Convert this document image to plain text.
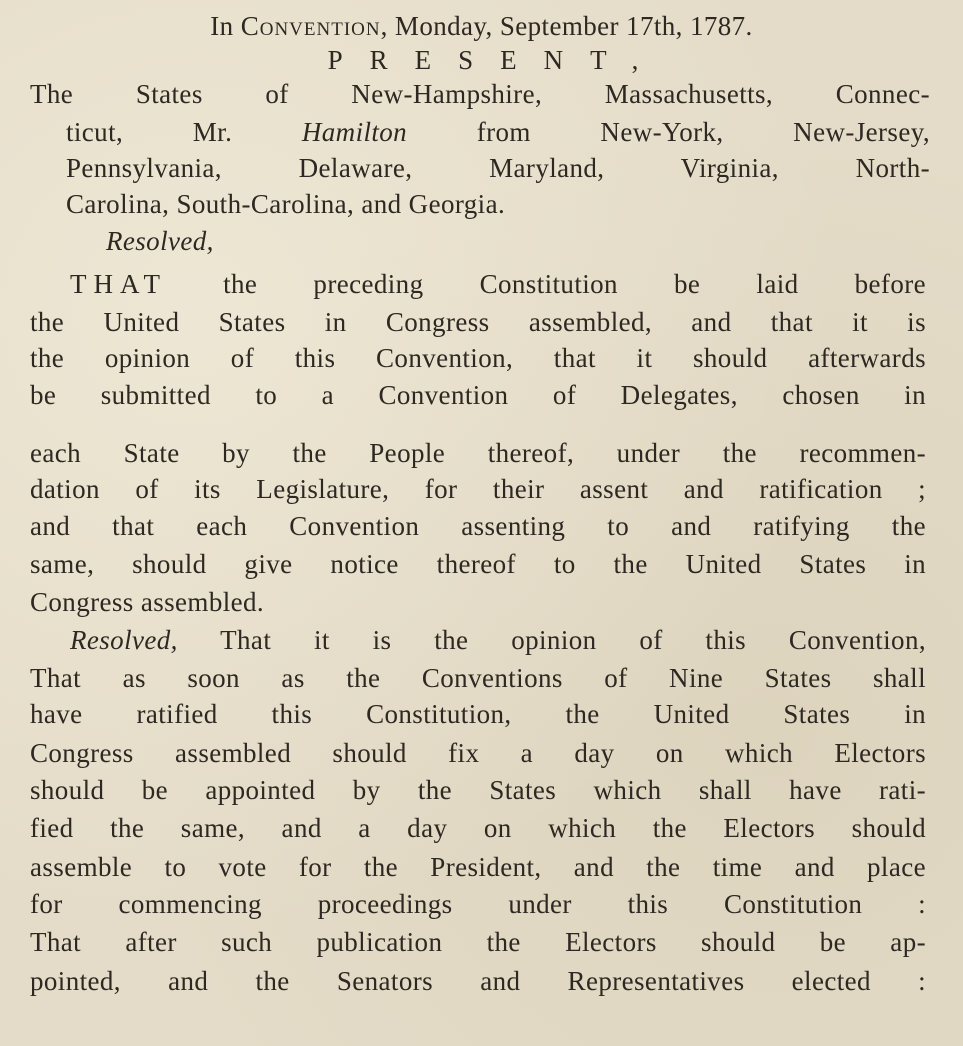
In Convention, Monday, September 17th, 1787.
PRESENT,
The States of New-Hampshire, Massachusetts, Connec-
ticut, Mr.	Hamilton	from New-York, New-Jersey,
Pennsylvania, Delaware, Maryland, Virginia, North-
Carolina, South-Carolina, and Georgia.
Resolved,
THAT the preceding Constitution be laid before
the United States in Congress assembled, and that it is
the opinion of this Convention, that it should afterwards
be submitted to a Convention of Delegates, chosen in
each State by the People thereof, under the recommen-
dation of its Legislature, for their assent and ratification ;
and that each Convention assenting to and ratifying the
same, should give notice thereof to the United States in
Congress assembled.
Resolved, That it is the opinion of this Convention,
That as soon as the Conventions of Nine States shall
have ratified this Constitution, the United States in
Congress assembled should fix a day on which Electors
should be appointed by the States which shall have rati-
fied the same, and a day on which the Electors should
assemble to vote for the President, and the time and place
for commencing proceedings under this Constitution :
That after such publication the Electors should be ap-
pointed, and the Senators and Representatives elected :
